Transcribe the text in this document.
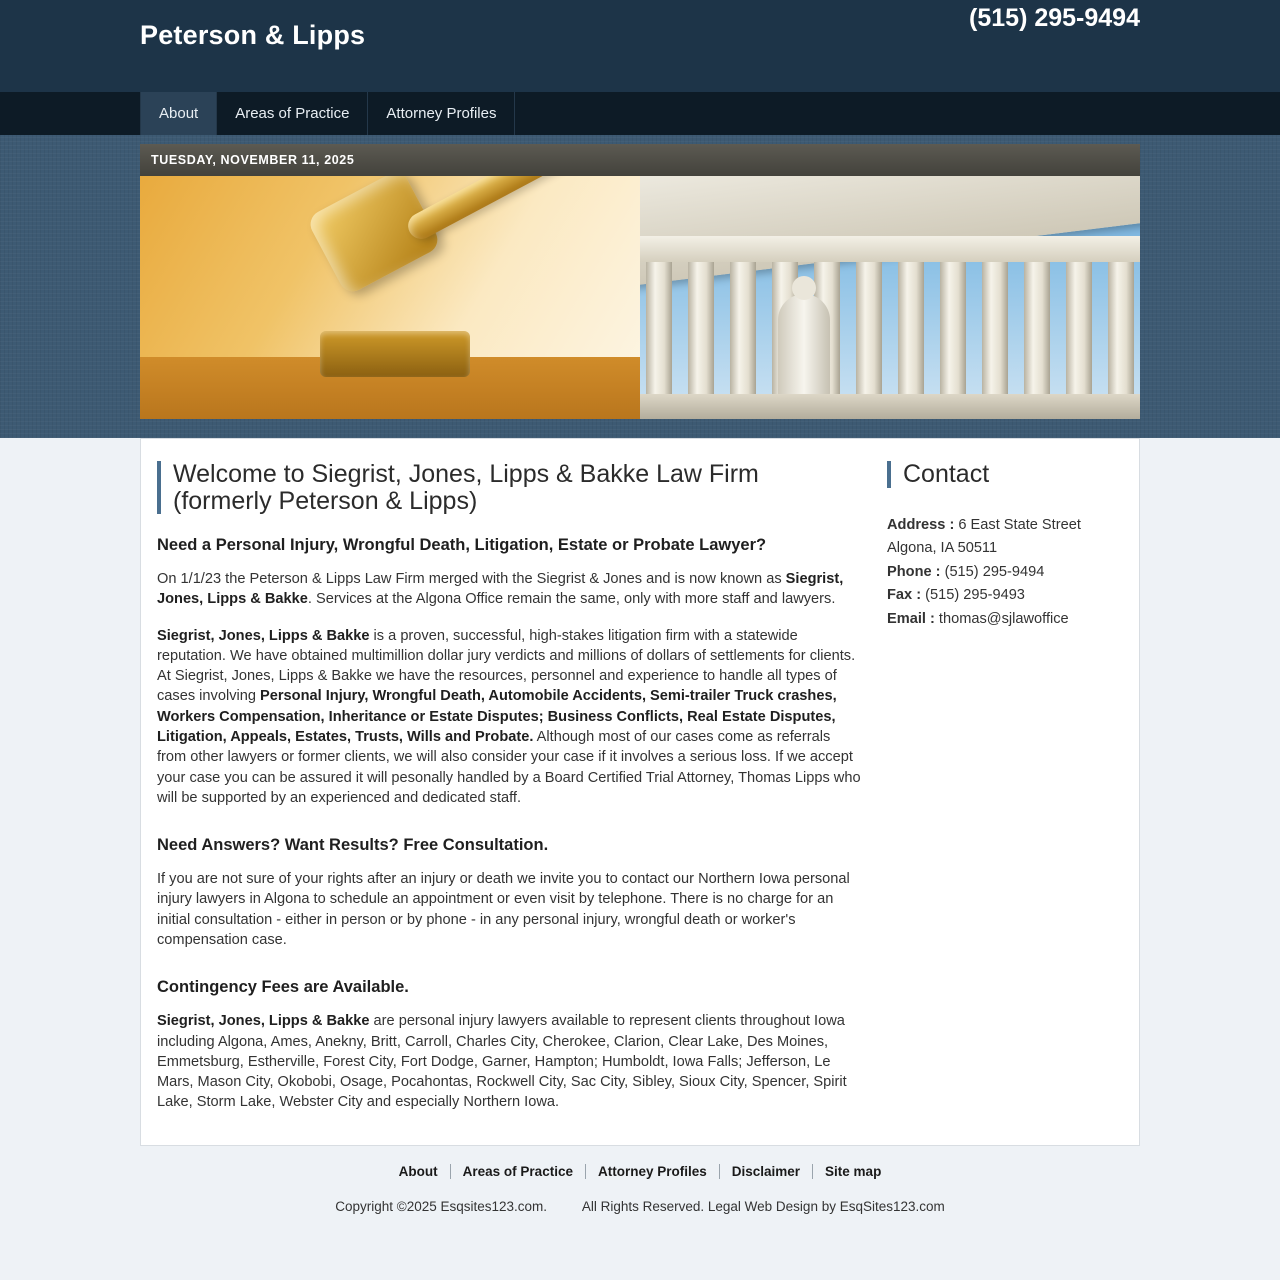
Peterson & Lipps
(515) 295-9494
About	Areas of Practice	Attorney Profiles
TUESDAY, NOVEMBER 11, 2025
Welcome to Siegrist, Jones, Lipps & Bakke Law Firm (formerly Peterson & Lipps)
Need a Personal Injury, Wrongful Death, Litigation, Estate or Probate Lawyer?

On 1/1/23 the Peterson & Lipps Law Firm merged with the Siegrist & Jones and is now known as Siegrist, Jones, Lipps & Bakke. Services at the Algona Office remain the same, only with more staff and lawyers.

Siegrist, Jones, Lipps & Bakke is a proven, successful, high-stakes litigation firm with a statewide reputation. We have obtained multimillion dollar jury verdicts and millions of dollars of settlements for clients. At Siegrist, Jones, Lipps & Bakke we have the resources, personnel and experience to handle all types of cases involving Personal Injury, Wrongful Death, Automobile Accidents, Semi-trailer Truck crashes, Workers Compensation, Inheritance or Estate Disputes; Business Conflicts, Real Estate Disputes, Litigation, Appeals, Estates, Trusts, Wills and Probate. Although most of our cases come as referrals from other lawyers or former clients, we will also consider your case if it involves a serious loss. If we accept your case you can be assured it will pesonally handled by a Board Certified Trial Attorney, Thomas Lipps who will be supported by an experienced and dedicated staff.

Need Answers? Want Results? Free Consultation.

If you are not sure of your rights after an injury or death we invite you to contact our Northern Iowa personal injury lawyers in Algona to schedule an appointment or even visit by telephone. There is no charge for an initial consultation - either in person or by phone - in any personal injury, wrongful death or worker's compensation case.

Contingency Fees are Available.

Siegrist, Jones, Lipps & Bakke are personal injury lawyers available to represent clients throughout Iowa including Algona, Ames, Anekny, Britt, Carroll, Charles City, Cherokee, Clarion, Clear Lake, Des Moines, Emmetsburg, Estherville, Forest City, Fort Dodge, Garner, Hampton; Humboldt, Iowa Falls; Jefferson, Le Mars, Mason City, Okobobi, Osage, Pocahontas, Rockwell City, Sac City, Sibley, Sioux City, Spencer, Spirit Lake, Storm Lake, Webster City and especially Northern Iowa.

Contact
Address : 6 East State Street
Algona, IA 50511
Phone : (515) 295-9494
Fax : (515) 295-9493
Email : thomas@sjlawoffice
About	Areas of Practice	Attorney Profiles	Disclaimer	Site map
Copyright ©2025 Esqsites123.com.	All Rights Reserved. Legal Web Design by EsqSites123.com
